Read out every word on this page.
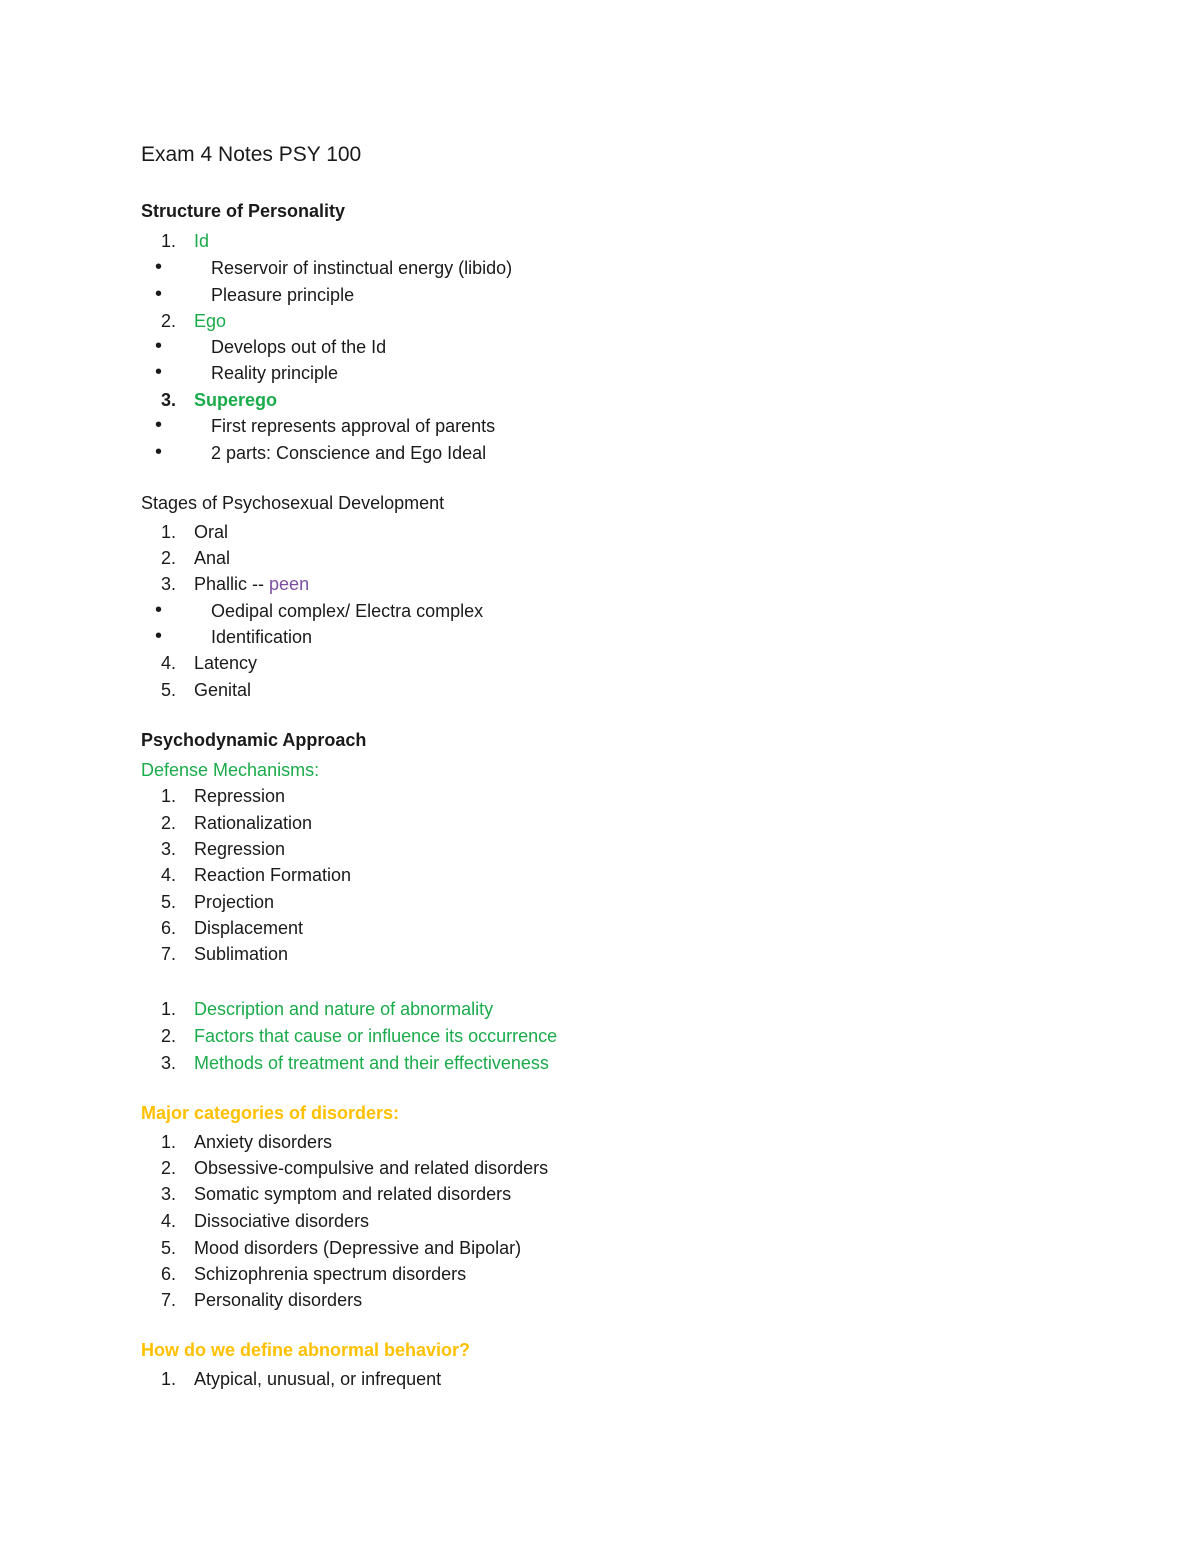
Exam 4 Notes PSY 100
Structure of Personality
1. Id
•	Reservoir of instinctual energy (libido)
•	Pleasure principle
2. Ego
•	Develops out of the Id
•	Reality principle
3. Superego
•	First represents approval of parents
•	2 parts: Conscience and Ego Ideal
Stages of Psychosexual Development
1. Oral
2. Anal
3. Phallic -- peen
•	Oedipal complex/ Electra complex
•	Identification
4. Latency
5. Genital
Psychodynamic Approach
Defense Mechanisms:
1. Repression
2. Rationalization
3. Regression
4. Reaction Formation
5. Projection
6. Displacement
7. Sublimation
1. Description and nature of abnormality
2. Factors that cause or influence its occurrence
3. Methods of treatment and their effectiveness
Major categories of disorders:
1. Anxiety disorders
2. Obsessive-compulsive and related disorders
3. Somatic symptom and related disorders
4. Dissociative disorders
5. Mood disorders (Depressive and Bipolar)
6. Schizophrenia spectrum disorders
7. Personality disorders
How do we define abnormal behavior?
1. Atypical, unusual, or infrequent
